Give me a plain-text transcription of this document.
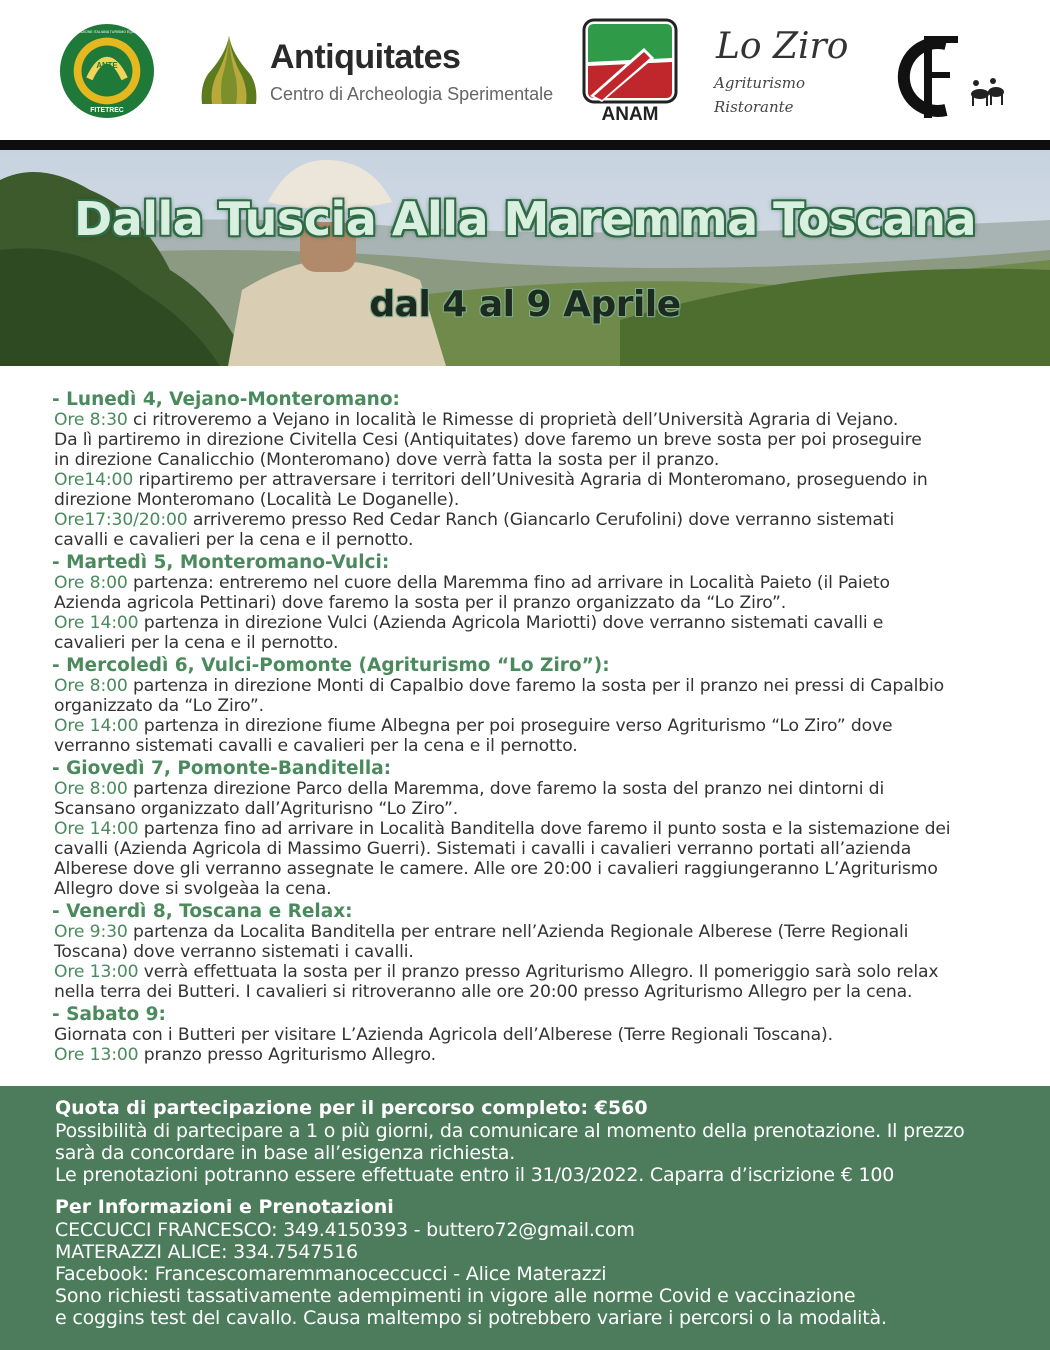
ANTE
FITETREC
FEDERAZIONE ITALIANA TURISMO EQUESTRE
Antiquitates
Centro di Archeologia Sperimentale
ANAM
Lo Ziro
Agriturismo
Ristorante
Dalla Tuscia Alla Maremma Toscana
dal 4 al 9 Aprile
- Lunedì 4, Vejano-Monteromano:
Ore 8:30 ci ritroveremo a Vejano in località le Rimesse di proprietà dell’Università Agraria di Vejano.
Da lì partiremo in direzione Civitella Cesi (Antiquitates) dove faremo un breve sosta per poi proseguire
in direzione Canalicchio (Monteromano) dove verrà fatta la sosta per il pranzo.
Ore14:00 ripartiremo per attraversare i territori dell’Univesità Agraria di Monteromano, proseguendo in
direzione Monteromano (Località Le Doganelle).
Ore17:30/20:00 arriveremo presso Red Cedar Ranch (Giancarlo Cerufolini) dove verranno sistemati
cavalli e cavalieri per la cena e il pernotto.
- Martedì 5, Monteromano-Vulci:
Ore 8:00 partenza: entreremo nel cuore della Maremma fino ad arrivare in Località Paieto (il Paieto
Azienda agricola Pettinari) dove faremo la sosta per il pranzo organizzato da “Lo Ziro”.
Ore 14:00 partenza in direzione Vulci (Azienda Agricola Mariotti) dove verranno sistemati cavalli e
cavalieri per la cena e il pernotto.
- Mercoledì 6, Vulci-Pomonte (Agriturismo “Lo Ziro”):
Ore 8:00 partenza in direzione Monti di Capalbio dove faremo la sosta per il pranzo nei pressi di Capalbio
organizzato da “Lo Ziro”.
Ore 14:00 partenza in direzione fiume Albegna per poi proseguire verso Agriturismo “Lo Ziro” dove
verranno sistemati cavalli e cavalieri per la cena e il pernotto.
- Giovedì 7, Pomonte-Banditella:
Ore 8:00 partenza direzione Parco della Maremma, dove faremo la sosta del pranzo nei dintorni di
Scansano organizzato dall’Agriturisno “Lo Ziro”.
Ore 14:00 partenza fino ad arrivare in Località Banditella dove faremo il punto sosta e la sistemazione dei
cavalli (Azienda Agricola di Massimo Guerri). Sistemati i cavalli i cavalieri verranno portati all’azienda
Alberese dove gli verranno assegnate le camere. Alle ore 20:00 i cavalieri raggiungeranno L’Agriturismo
Allegro dove si svolgeàa la cena.
- Venerdì 8, Toscana e Relax:
Ore 9:30 partenza da Localita Banditella per entrare nell’Azienda Regionale Alberese (Terre Regionali
Toscana) dove verranno sistemati i cavalli.
Ore 13:00 verrà effettuata la sosta per il pranzo presso Agriturismo Allegro. Il pomeriggio sarà solo relax
nella terra dei Butteri. I cavalieri si ritroveranno alle ore 20:00 presso Agriturismo Allegro per la cena.
- Sabato 9:
Giornata con i Butteri per visitare L’Azienda Agricola dell’Alberese (Terre Regionali Toscana).
Ore 13:00 pranzo presso Agriturismo Allegro.
Quota di partecipazione per il percorso completo: €560
Possibilità di partecipare a 1 o più giorni, da comunicare al momento della prenotazione. Il prezzo
sarà da concordare in base all’esigenza richiesta.
Le prenotazioni potranno essere effettuate entro il 31/03/2022. Caparra d’iscrizione € 100
Per Informazioni e Prenotazioni
CECCUCCI FRANCESCO: 349.4150393 - buttero72@gmail.com
MATERAZZI ALICE: 334.7547516
Facebook: Francescomaremmanoceccucci - Alice Materazzi
Sono richiesti tassativamente adempimenti in vigore alle norme Covid e vaccinazione
e coggins test del cavallo. Causa maltempo si potrebbero variare i percorsi o la modalità.
